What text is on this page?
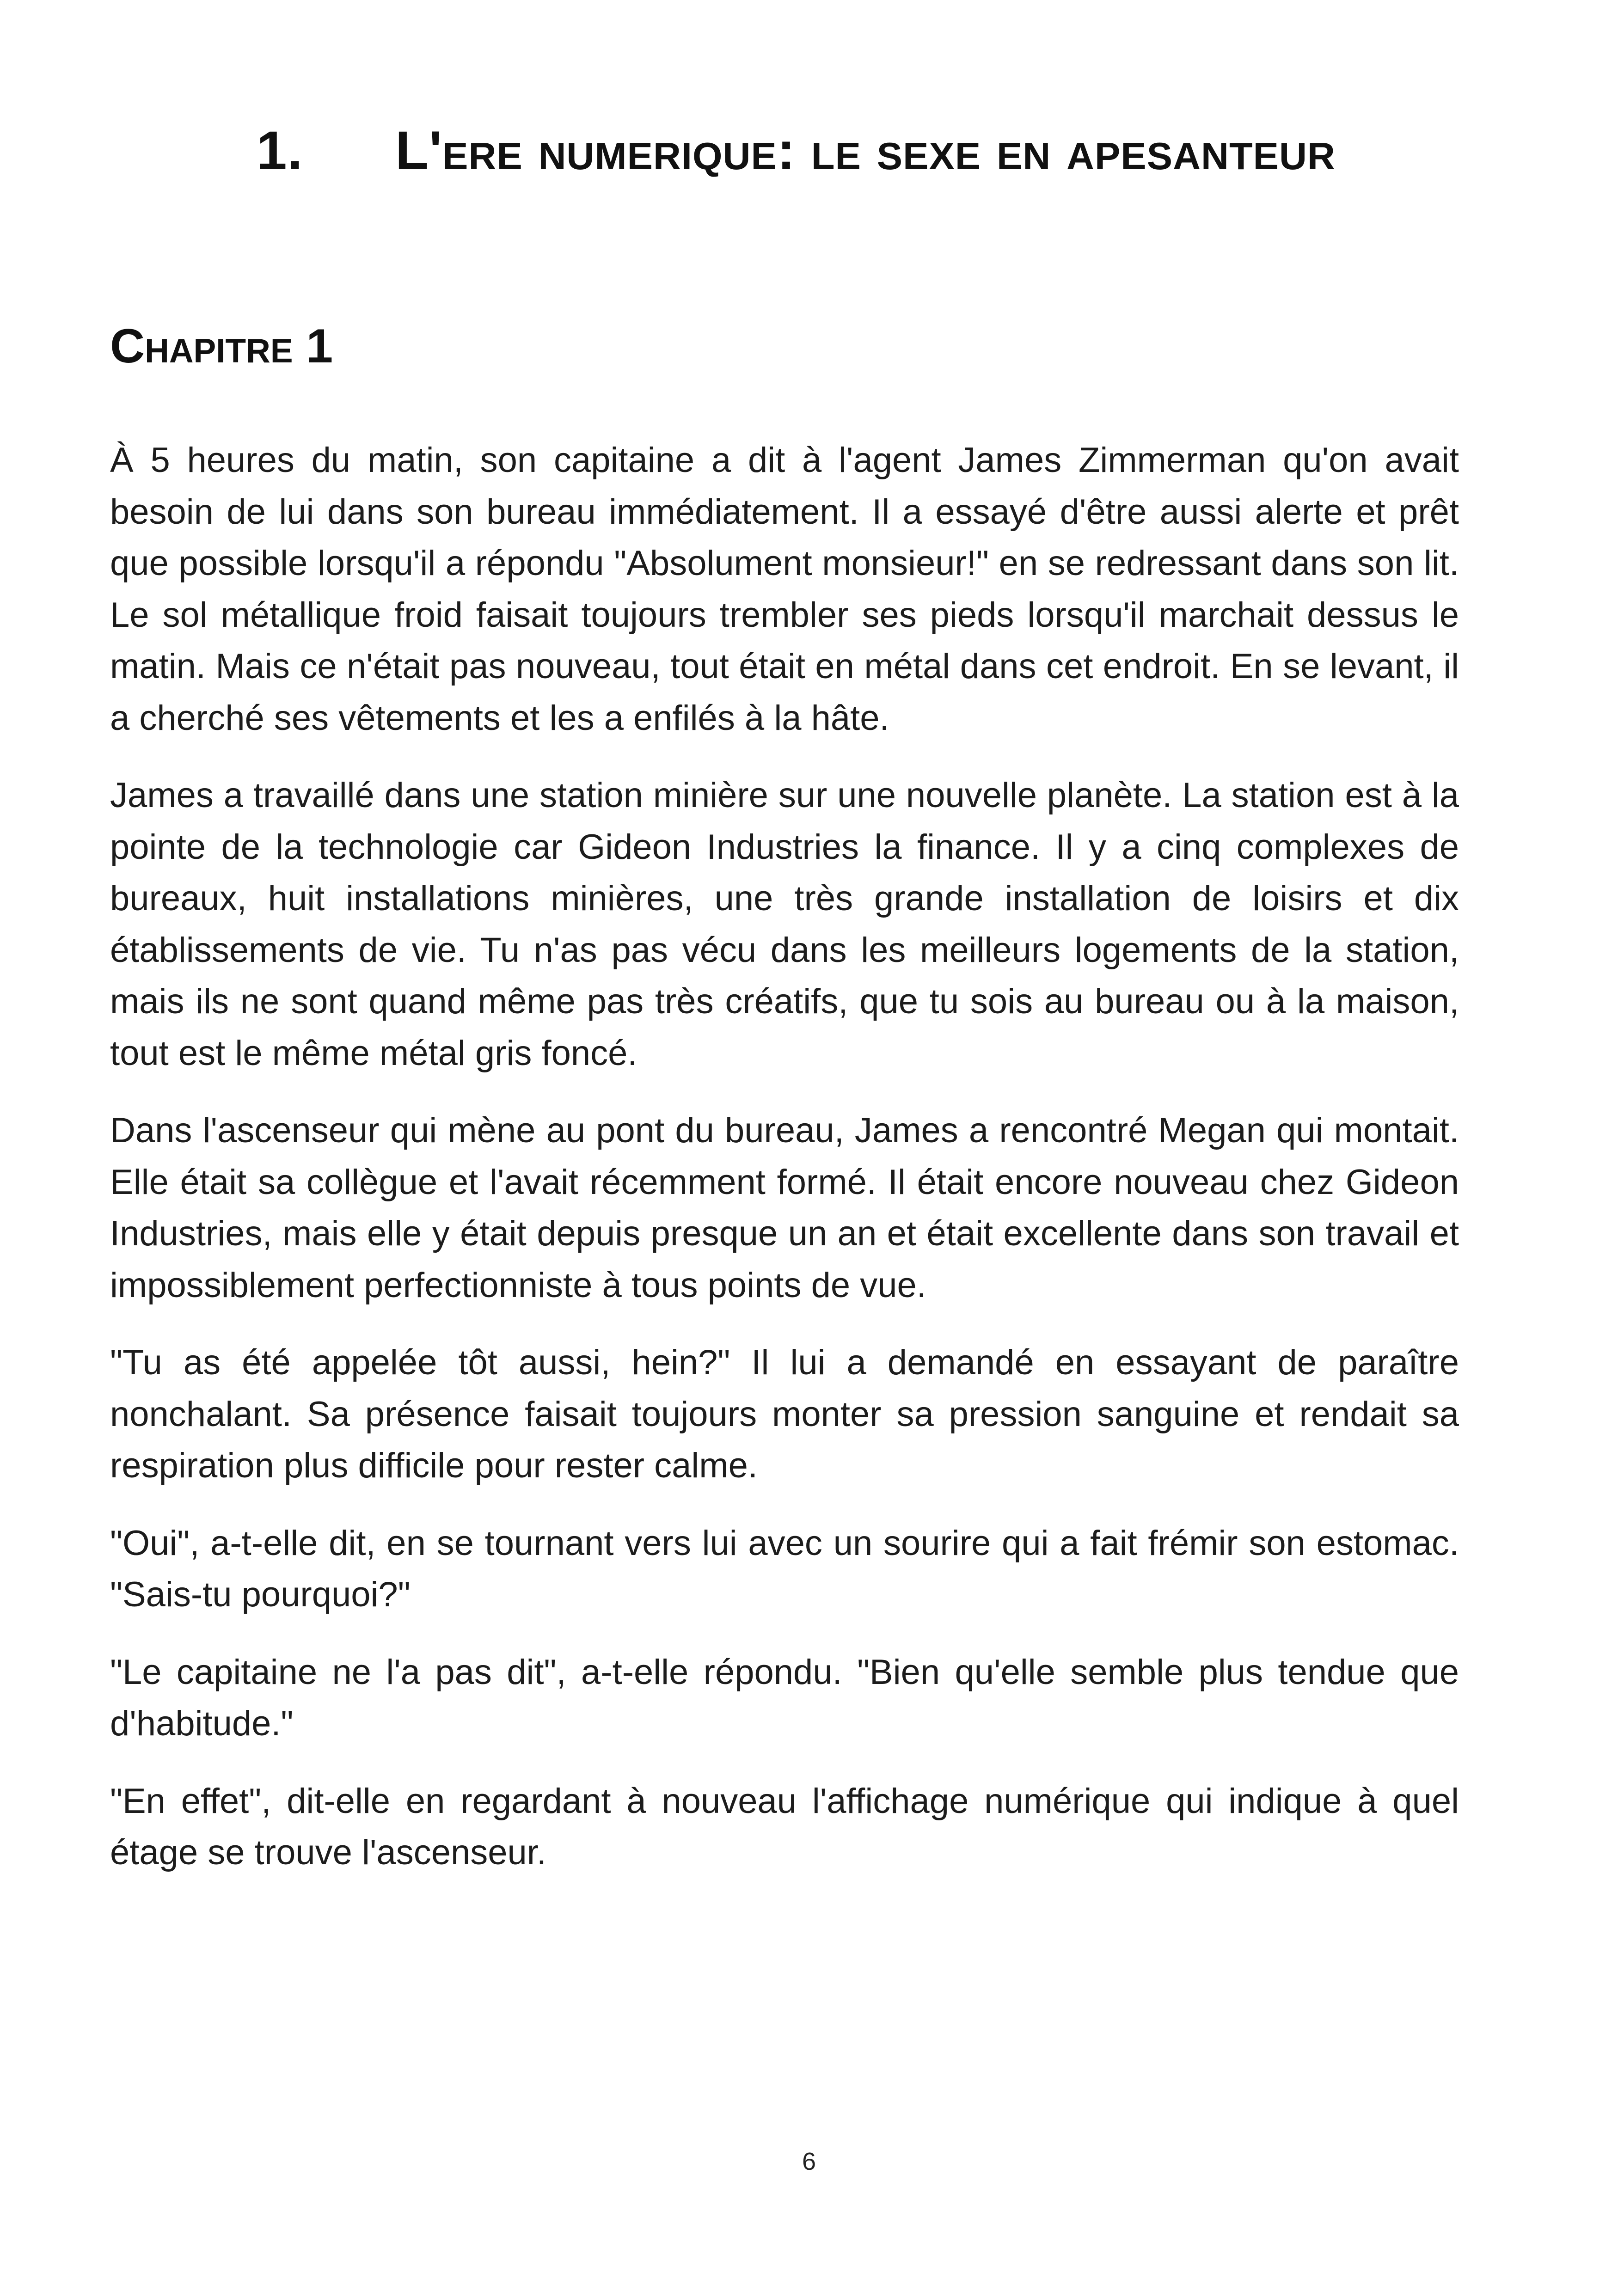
1.	L'ere numerique: le sexe en apesanteur
Chapitre 1

À 5 heures du matin, son capitaine a dit à l'agent James Zimmerman qu'on avait besoin de lui dans son bureau immédiatement. Il a essayé d'être aussi alerte et prêt que possible lorsqu'il a répondu "Absolument monsieur!" en se redressant dans son lit. Le sol métallique froid faisait toujours trembler ses pieds lorsqu'il marchait dessus le matin. Mais ce n'était pas nouveau, tout était en métal dans cet endroit. En se levant, il a cherché ses vêtements et les a enfilés à la hâte.

James a travaillé dans une station minière sur une nouvelle planète. La station est à la pointe de la technologie car Gideon Industries la finance. Il y a cinq complexes de bureaux, huit installations minières, une très grande installation de loisirs et dix établissements de vie. Tu n'as pas vécu dans les meilleurs logements de la station, mais ils ne sont quand même pas très créatifs, que tu sois au bureau ou à la maison, tout est le même métal gris foncé.

Dans l'ascenseur qui mène au pont du bureau, James a rencontré Megan qui montait. Elle était sa collègue et l'avait récemment formé. Il était encore nouveau chez Gideon Industries, mais elle y était depuis presque un an et était excellente dans son travail et impossiblement perfectionniste à tous points de vue.

"Tu as été appelée tôt aussi, hein?" Il lui a demandé en essayant de paraître nonchalant. Sa présence faisait toujours monter sa pression sanguine et rendait sa respiration plus difficile pour rester calme.

"Oui", a-t-elle dit, en se tournant vers lui avec un sourire qui a fait frémir son estomac. "Sais-tu pourquoi?"

"Le capitaine ne l'a pas dit", a-t-elle répondu. "Bien qu'elle semble plus tendue que d'habitude."

"En effet", dit-elle en regardant à nouveau l'affichage numérique qui indique à quel étage se trouve l'ascenseur.

6
